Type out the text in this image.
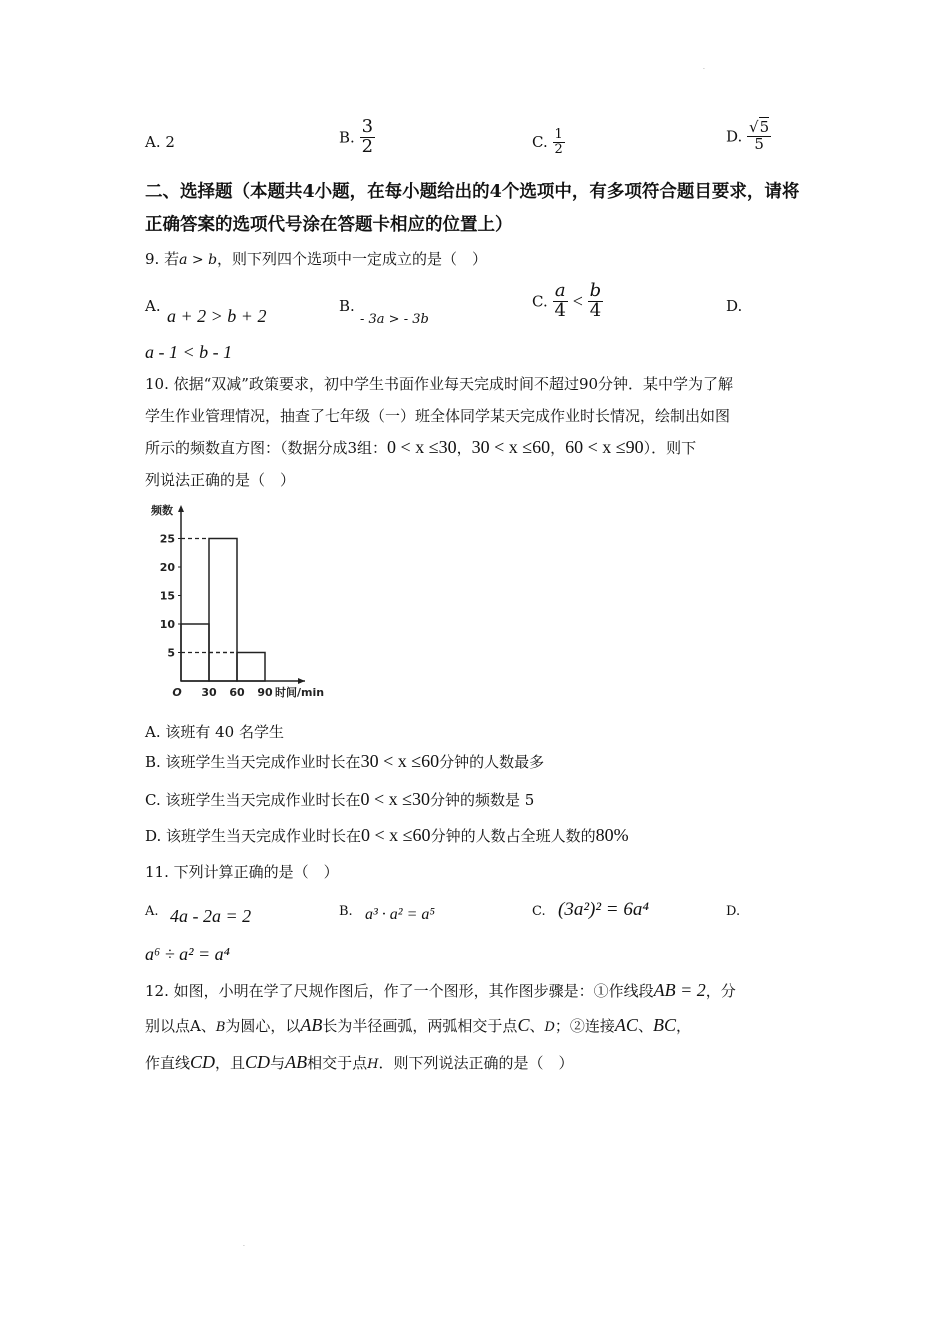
·
·
A. 2	B. $\frac{3}{2}$	C. $\frac{1}{2}$	D. $\frac{√5}{5}$
二、选择题（本题共4小题，在每小题给出的4个选项中，有多项符合题目要求，请将正确答案的选项代号涂在答题卡相应的位置上）
9. 若a > b，则下列四个选项中一定成立的是（　）
A. a + 2 > b + 2	B.
- 3a > - 3b
C. $\frac{a}{4} < \frac{b}{4}$	D.
a - 1 < b - 1
10. 依据“双减”政策要求，初中学生书面作业每天完成时间不超过90分钟．某中学为了解
学生作业管理情况，抽查了七年级（一）班全体同学某天完成作业时长情况，绘制出如图
所示的频数直方图：（数据分成3组：0 < x ≤30，30 < x ≤60，60 < x ≤90）．则下
列说法正确的是（　）
5
10
15
20
25
30 60 90
O
频数
时间/min
A. 该班有 40 名学生
B. 该班学生当天完成作业时长在30 < x ≤60分钟的人数最多
C. 该班学生当天完成作业时长在0 < x ≤30分钟的频数是 5
D. 该班学生当天完成作业时长在0 < x ≤60分钟的人数占全班人数的80%
11. 下列计算正确的是（　）
A. 4a - 2a = 2	B. a³ · a² = a⁵	C. (3a²)² = 6a⁴	D.
a⁶ ÷ a² = a⁴
12. 如图，小明在学了尺规作图后，作了一个图形，其作图步骤是：①作线段AB = 2，分
别以点A、B为圆心，以AB长为半径画弧，两弧相交于点C、D；②连接AC、BC，
作直线CD，且CD与AB相交于点H．则下列说法正确的是（　）
